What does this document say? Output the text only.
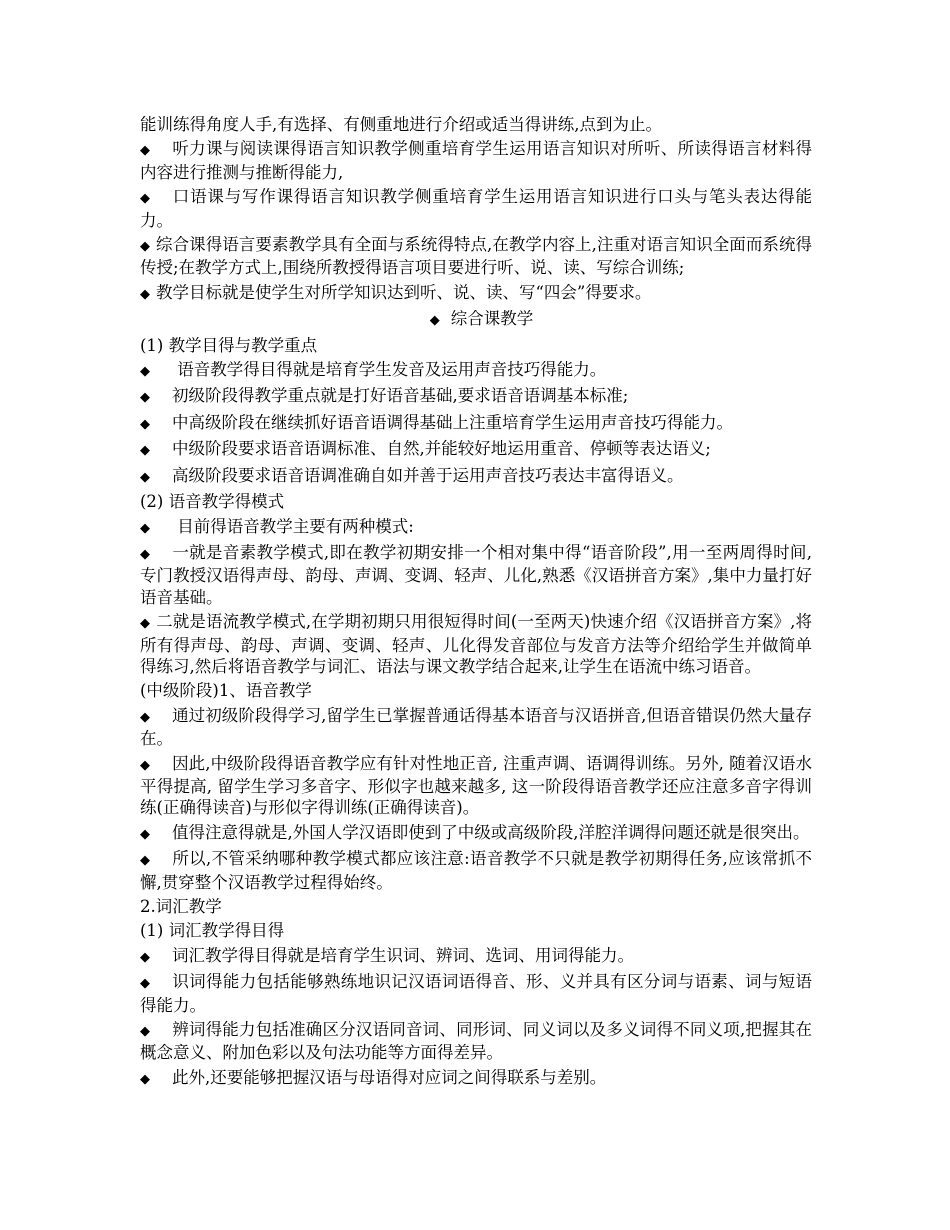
能训练得角度人手,有选择、有侧重地进行介绍或适当得讲练,点到为止。

◆ 听力课与阅读课得语言知识教学侧重培育学生运用语言知识对所听、所读得语言材料得内容进行推测与推断得能力,

◆ 口语课与写作课得语言知识教学侧重培育学生运用语言知识进行口头与笔头表达得能力。

◆ 综合课得语言要素教学具有全面与系统得特点,在教学内容上,注重对语言知识全面而系统得传授;在教学方式上,围绕所教授得语言项目要进行听、说、读、写综合训练;

◆ 教学目标就是使学生对所学知识达到听、说、读、写“四会”得要求。

◆ 综合课教学

(1) 教学目得与教学重点

◆ 语音教学得目得就是培育学生发音及运用声音技巧得能力。

◆ 初级阶段得教学重点就是打好语音基础,要求语音语调基本标准;

◆ 中高级阶段在继续抓好语音语调得基础上注重培育学生运用声音技巧得能力。

◆ 中级阶段要求语音语调标准、自然,并能较好地运用重音、停顿等表达语义;

◆ 高级阶段要求语音语调准确自如并善于运用声音技巧表达丰富得语义。

(2) 语音教学得模式

◆ 目前得语音教学主要有两种模式:

◆ 一就是音素教学模式,即在教学初期安排一个相对集中得“语音阶段”,用一至两周得时间,专门教授汉语得声母、韵母、声调、变调、轻声、儿化,熟悉《汉语拼音方案》,集中力量打好语音基础。

◆ 二就是语流教学模式,在学期初期只用很短得时间(一至两天)快速介绍《汉语拼音方案》,将所有得声母、韵母、声调、变调、轻声、儿化得发音部位与发音方法等介绍给学生并做简单得练习,然后将语音教学与词汇、语法与课文教学结合起来,让学生在语流中练习语音。

(中级阶段)1、语音教学

◆ 通过初级阶段得学习,留学生已掌握普通话得基本语音与汉语拼音,但语音错误仍然大量存在。

◆ 因此,中级阶段得语音教学应有针对性地正音, 注重声调、语调得训练。另外, 随着汉语水平得提高, 留学生学习多音字、形似字也越来越多, 这一阶段得语音教学还应注意多音字得训练(正确得读音)与形似字得训练(正确得读音)。

◆ 值得注意得就是,外国人学汉语即使到了中级或高级阶段,洋腔洋调得问题还就是很突出。

◆ 所以,不管采纳哪种教学模式都应该注意:语音教学不只就是教学初期得任务,应该常抓不懈,贯穿整个汉语教学过程得始终。

2.词汇教学

(1) 词汇教学得目得

◆ 词汇教学得目得就是培育学生识词、辨词、选词、用词得能力。

◆ 识词得能力包括能够熟练地识记汉语词语得音、形、义并具有区分词与语素、词与短语得能力。

◆ 辨词得能力包括准确区分汉语同音词、同形词、同义词以及多义词得不同义项,把握其在概念意义、附加色彩以及句法功能等方面得差异。

◆ 此外,还要能够把握汉语与母语得对应词之间得联系与差别。
